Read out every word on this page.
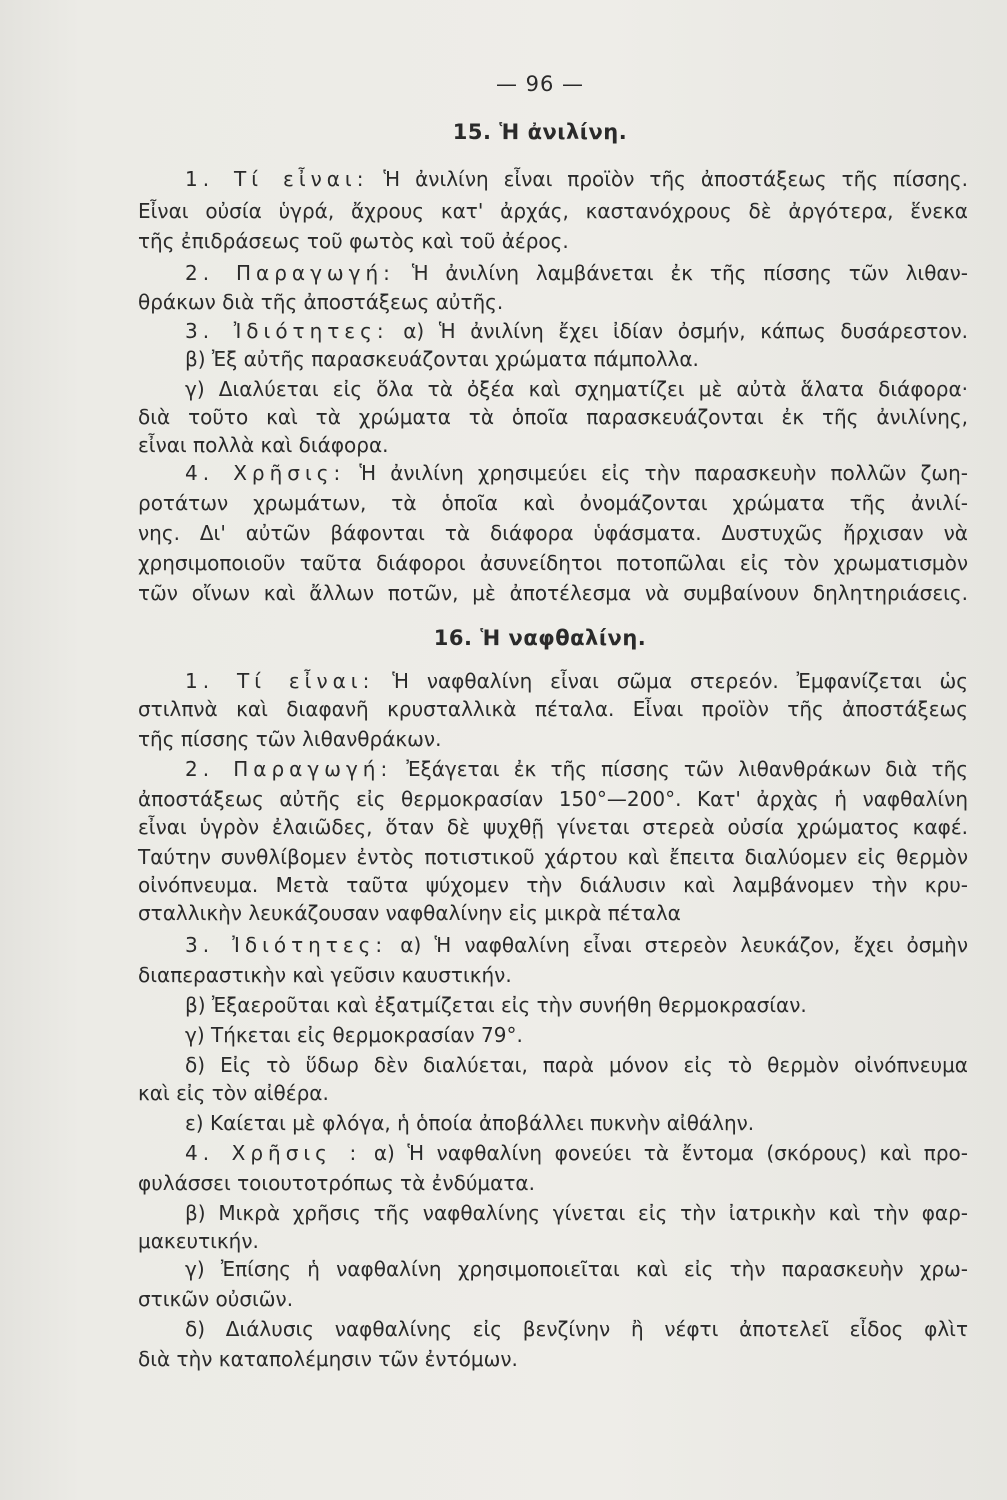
— 96 —
15. Ἡ ἀνιλίνη.
1. Τί εἶναι: Ἡ ἀνιλίνη εἶναι προϊὸν τῆς ἀποστάξεως τῆς πίσσης.
Εἶναι οὐσία ὑγρά, ἄχρους κατ' ἀρχάς, καστανόχρους δὲ ἀργότερα, ἕνεκα
τῆς ἐπιδράσεως τοῦ φωτὸς καὶ τοῦ ἀέρος.
2. Παραγωγή: Ἡ ἀνιλίνη λαμβάνεται ἐκ τῆς πίσσης τῶν λιθαν-
θράκων διὰ τῆς ἀποστάξεως αὐτῆς.
3. Ἰδιότητες: α) Ἡ ἀνιλίνη ἔχει ἰδίαν ὀσμήν, κάπως δυσάρεστον.
β) Ἐξ αὐτῆς παρασκευάζονται χρώματα πάμπολλα.
γ) Διαλύεται εἰς ὅλα τὰ ὀξέα καὶ σχηματίζει μὲ αὐτὰ ἅλατα διάφορα·
διὰ τοῦτο καὶ τὰ χρώματα τὰ ὁποῖα παρασκευάζονται ἐκ τῆς ἀνιλίνης,
εἶναι πολλὰ καὶ διάφορα.
4. Χρῆσις: Ἡ ἀνιλίνη χρησιμεύει εἰς τὴν παρασκευὴν πολλῶν ζωη-
ροτάτων χρωμάτων, τὰ ὁποῖα καὶ ὀνομάζονται χρώματα τῆς ἀνιλί-
νης. Δι' αὐτῶν βάφονται τὰ διάφορα ὑφάσματα. Δυστυχῶς ἤρχισαν νὰ
χρησιμοποιοῦν ταῦτα διάφοροι ἀσυνείδητοι ποτοπῶλαι εἰς τὸν χρωματισμὸν
τῶν οἴνων καὶ ἄλλων ποτῶν, μὲ ἀποτέλεσμα νὰ συμβαίνουν δηλητηριάσεις.
16. Ἡ ναφθαλίνη.
1. Τί εἶναι: Ἡ ναφθαλίνη εἶναι σῶμα στερεόν. Ἐμφανίζεται ὡς
στιλπνὰ καὶ διαφανῆ κρυσταλλικὰ πέταλα. Εἶναι προϊὸν τῆς ἀποστάξεως
τῆς πίσσης τῶν λιθανθράκων.
2. Παραγωγή: Ἐξάγεται ἐκ τῆς πίσσης τῶν λιθανθράκων διὰ τῆς
ἀποστάξεως αὐτῆς εἰς θερμοκρασίαν 150°—200°. Κατ' ἀρχὰς ἡ ναφθαλίνη
εἶναι ὑγρὸν ἐλαιῶδες, ὅταν δὲ ψυχθῇ γίνεται στερεὰ οὐσία χρώματος καφέ.
Ταύτην συνθλίβομεν ἐντὸς ποτιστικοῦ χάρτου καὶ ἔπειτα διαλύομεν εἰς θερμὸν
οἰνόπνευμα. Μετὰ ταῦτα ψύχομεν τὴν διάλυσιν καὶ λαμβάνομεν τὴν κρυ-
σταλλικὴν λευκάζουσαν ναφθαλίνην εἰς μικρὰ πέταλα
3. Ἰδιότητες: α) Ἡ ναφθαλίνη εἶναι στερεὸν λευκάζον, ἔχει ὀσμὴν
διαπεραστικὴν καὶ γεῦσιν καυστικήν.
β) Ἐξαεροῦται καὶ ἐξατμίζεται εἰς τὴν συνήθη θερμοκρασίαν.
γ) Τήκεται εἰς θερμοκρασίαν 79°.
δ) Εἰς τὸ ὕδωρ δὲν διαλύεται, παρὰ μόνον εἰς τὸ θερμὸν οἰνόπνευμα
καὶ εἰς τὸν αἰθέρα.
ε) Καίεται μὲ φλόγα, ἡ ὁποία ἀποβάλλει πυκνὴν αἰθάλην.
4. Χρῆσις : α) Ἡ ναφθαλίνη φονεύει τὰ ἔντομα (σκόρους) καὶ προ-
φυλάσσει τοιουτοτρόπως τὰ ἐνδύματα.
β) Μικρὰ χρῆσις τῆς ναφθαλίνης γίνεται εἰς τὴν ἰατρικὴν καὶ τὴν φαρ-
μακευτικήν.
γ) Ἐπίσης ἡ ναφθαλίνη χρησιμοποιεῖται καὶ εἰς τὴν παρασκευὴν χρω-
στικῶν οὐσιῶν.
δ) Διάλυσις ναφθαλίνης εἰς βενζίνην ἢ νέφτι ἀποτελεῖ εἶδος φλὶτ
διὰ τὴν καταπολέμησιν τῶν ἐντόμων.
